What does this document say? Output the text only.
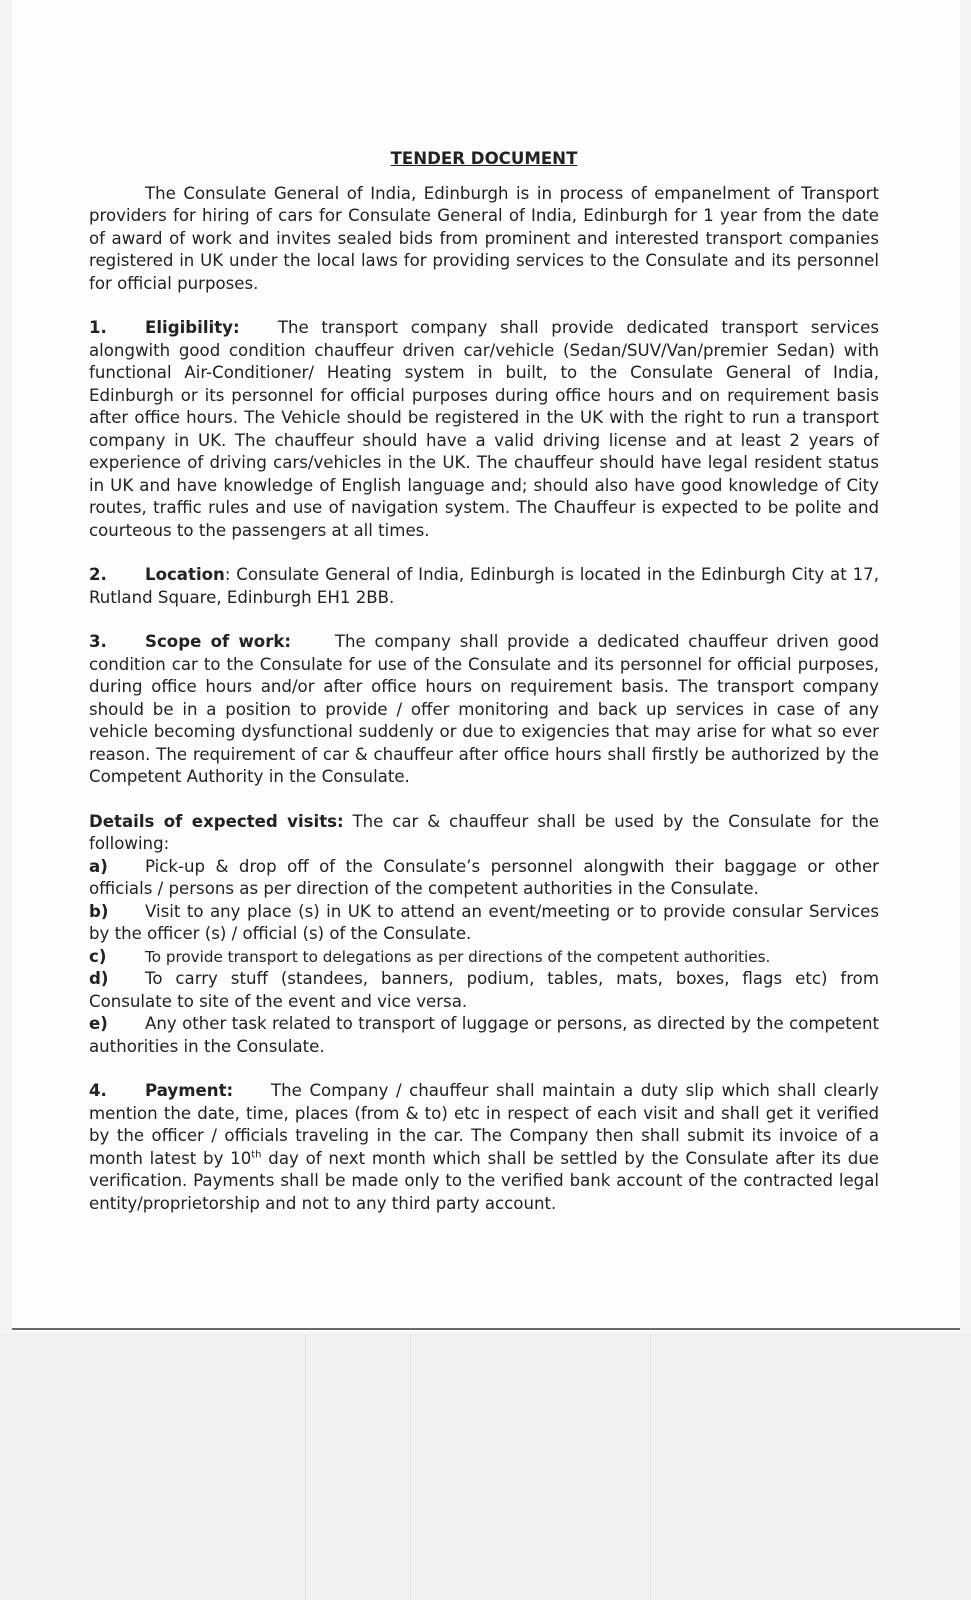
TENDER DOCUMENT

The Consulate General of India, Edinburgh is in process of empanelment of Transport providers for hiring of cars for Consulate General of India, Edinburgh for 1 year from the date of award of work and invites sealed bids from prominent and interested transport companies registered in UK under the local laws for providing services to the Consulate and its personnel for official purposes.

1. Eligibility: The transport company shall provide dedicated transport services alongwith good condition chauffeur driven car/vehicle (Sedan/SUV/Van/premier Sedan) with functional Air-Conditioner/ Heating system in built, to the Consulate General of India, Edinburgh or its personnel for official purposes during office hours and on requirement basis after office hours. The Vehicle should be registered in the UK with the right to run a transport company in UK. The chauffeur should have a valid driving license and at least 2 years of experience of driving cars/vehicles in the UK. The chauffeur should have legal resident status in UK and have knowledge of English language and; should also have good knowledge of City routes, traffic rules and use of navigation system. The Chauffeur is expected to be polite and courteous to the passengers at all times.

2. Location: Consulate General of India, Edinburgh is located in the Edinburgh City at 17, Rutland Square, Edinburgh EH1 2BB.

3. Scope of work:	The company shall provide a dedicated chauffeur driven good condition car to the Consulate for use of the Consulate and its personnel for official purposes, during office hours and/or after office hours on requirement basis. The transport company should be in a position to provide / offer monitoring and back up services in case of any vehicle becoming dysfunctional suddenly or due to exigencies that may arise for what so ever reason. The requirement of car & chauffeur after office hours shall firstly be authorized by the Competent Authority in the Consulate.

Details of expected visits: The car & chauffeur shall be used by the Consulate for the following:

a) Pick-up & drop off of the Consulate’s personnel alongwith their baggage or other officials / persons as per direction of the competent authorities in the Consulate.

b) Visit to any place (s) in UK to attend an event/meeting or to provide consular Services by the officer (s) / official (s) of the Consulate.

c)	To provide transport to delegations as per directions of the competent authorities.

d) To carry stuff (standees, banners, podium, tables, mats, boxes, flags etc) from Consulate to site of the event and vice versa.

e) Any other task related to transport of luggage or persons, as directed by the competent authorities in the Consulate.

4. Payment: The Company / chauffeur shall maintain a duty slip which shall clearly mention the date, time, places (from & to) etc in respect of each visit and shall get it verified by the officer / officials traveling in the car. The Company then shall submit its invoice of a month latest by 10th day of next month which shall be settled by the Consulate after its due verification. Payments shall be made only to the verified bank account of the contracted legal entity/proprietorship and not to any third party account.
